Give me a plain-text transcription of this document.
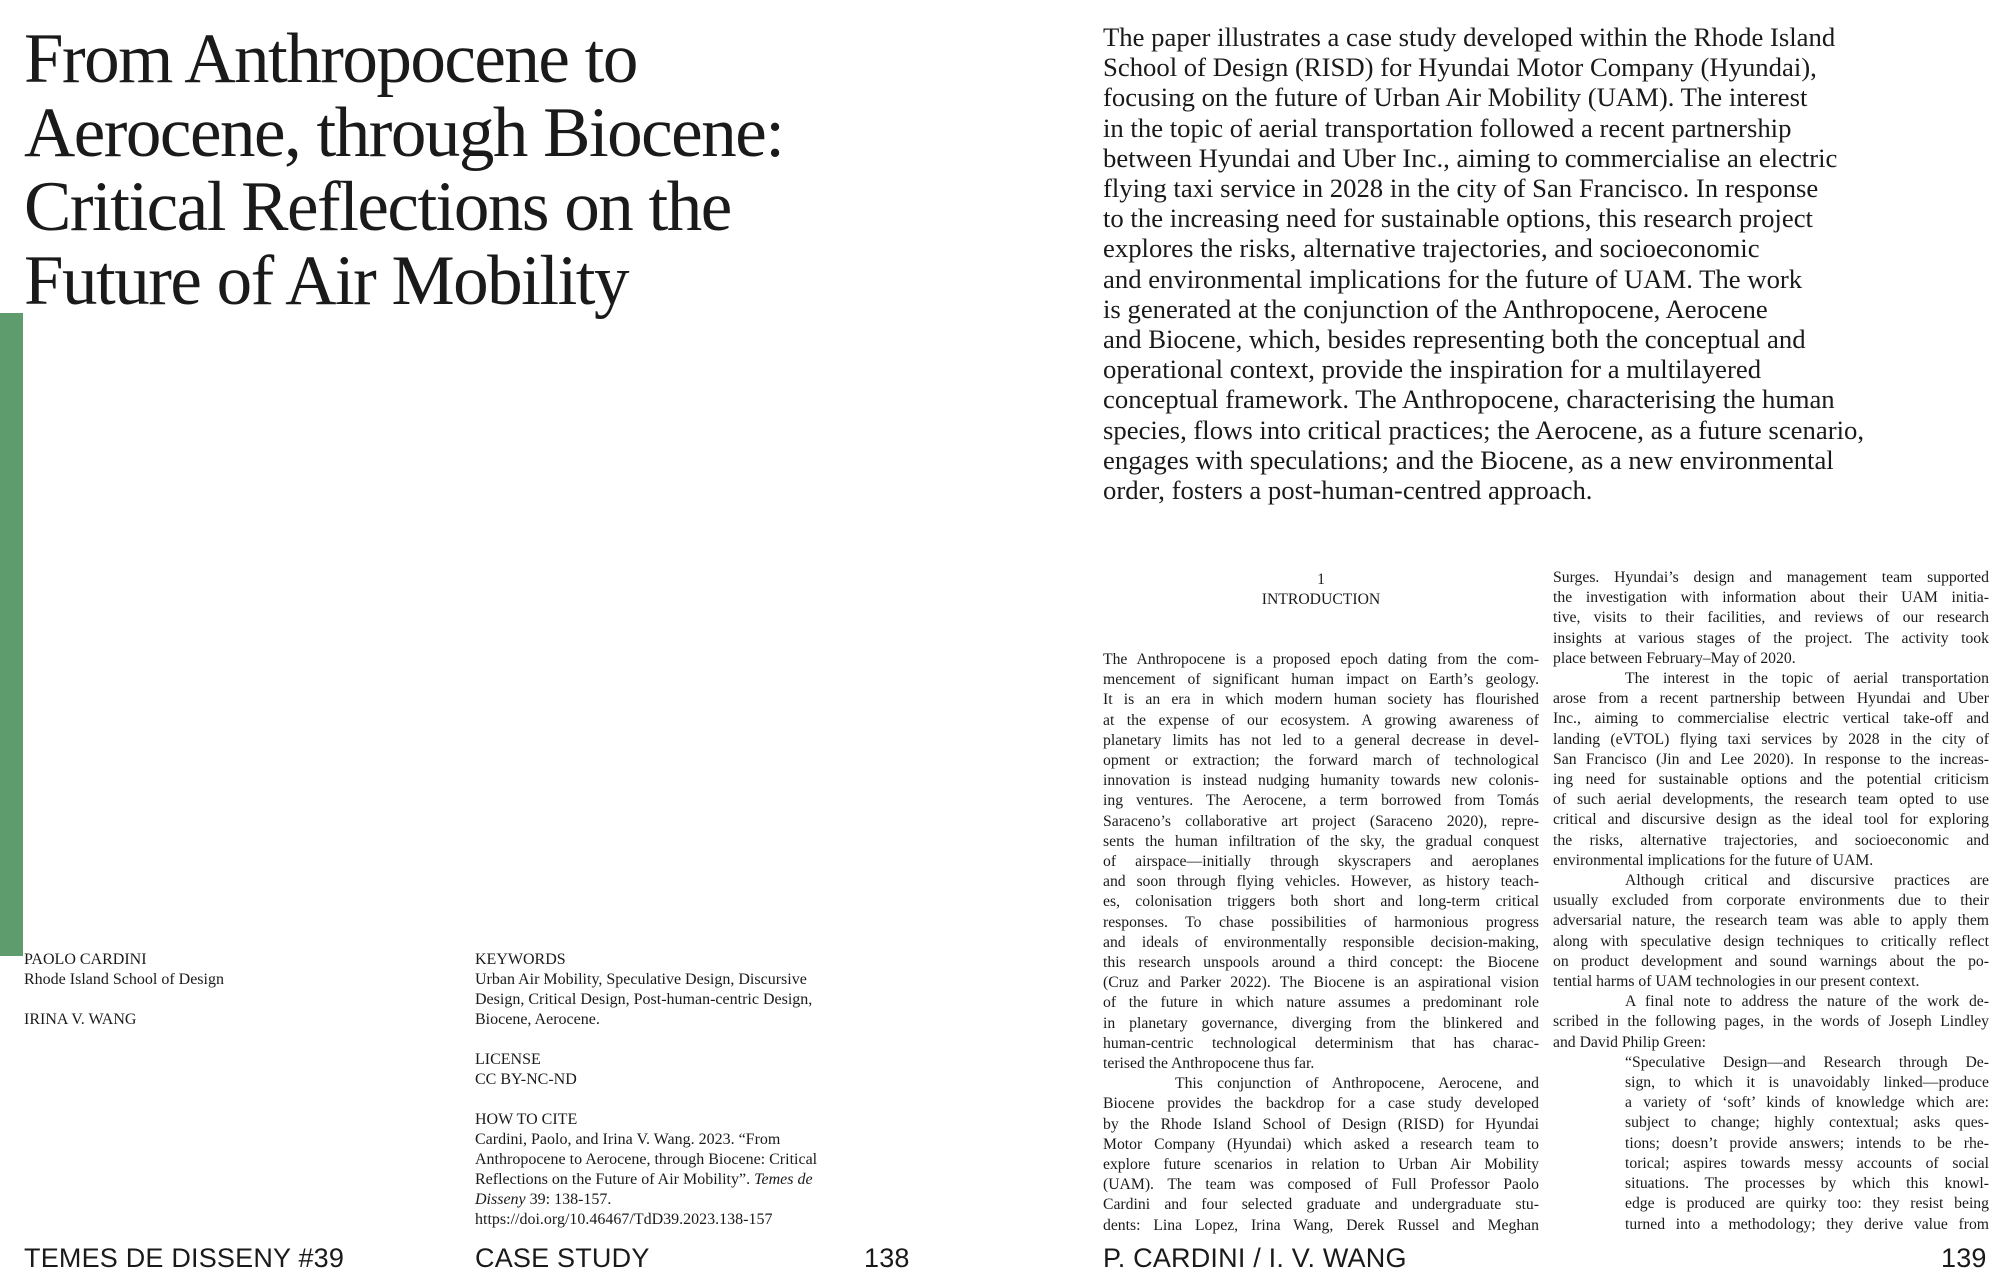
From Anthropocene to
Aerocene, through Biocene:
Critical Reflections on the
Future of Air Mobility

PAOLO CARDINI

Rhode Island School of Design

IRINA V. WANG

KEYWORDS

Urban Air Mobility, Speculative Design, Discursive

Design, Critical Design, Post-human-centric Design,

Biocene, Aerocene.

LICENSE

CC BY-NC-ND

HOW TO CITE

Cardini, Paolo, and Irina V. Wang. 2023. “From

Anthropocene to Aerocene, through Biocene: Critical

Reflections on the Future of Air Mobility”. Temes de

Disseny 39: 138-157.

https://doi.org/10.46467/TdD39.2023.138-157

TEMES DE DISSENY #39	CASE STUDY	138
The paper illustrates a case study developed within the Rhode Island
School of Design (RISD) for Hyundai Motor Company (Hyundai),
focusing on the future of Urban Air Mobility (UAM). The interest
in the topic of aerial transportation followed a recent partnership
between Hyundai and Uber Inc., aiming to commercialise an electric
flying taxi service in 2028 in the city of San Francisco. In response
to the increasing need for sustainable options, this research project
explores the risks, alternative trajectories, and socioeconomic
and environmental implications for the future of UAM. The work
is generated at the conjunction of the Anthropocene, Aerocene
and Biocene, which, besides representing both the conceptual and
operational context, provide the inspiration for a multilayered
conceptual framework. The Anthropocene, characterising the human
species, flows into critical practices; the Aerocene, as a future scenario,
engages with speculations; and the Biocene, as a new environmental
order, fosters a post-human-centred approach.
1
INTRODUCTION
The Anthropocene is a proposed epoch dating from the com-
mencement of significant human impact on Earth’s geology.
It is an era in which modern human society has flourished
at the expense of our ecosystem. A growing awareness of
planetary limits has not led to a general decrease in devel-
opment or extraction; the forward march of technological
innovation is instead nudging humanity towards new colonis-
ing ventures. The Aerocene, a term borrowed from Tomás
Saraceno’s collaborative art project (Saraceno 2020), repre-
sents the human infiltration of the sky, the gradual conquest
of airspace—initially through skyscrapers and aeroplanes
and soon through flying vehicles. However, as history teach-
es, colonisation triggers both short and long-term critical
responses. To chase possibilities of harmonious progress
and ideals of environmentally responsible decision-making,
this research unspools around a third concept: the Biocene
(Cruz and Parker 2022). The Biocene is an aspirational vision
of the future in which nature assumes a predominant role
in planetary governance, diverging from the blinkered and
human-centric technological determinism that has charac-
terised the Anthropocene thus far.
This conjunction of Anthropocene, Aerocene, and
Biocene provides the backdrop for a case study developed
by the Rhode Island School of Design (RISD) for Hyundai
Motor Company (Hyundai) which asked a research team to
explore future scenarios in relation to Urban Air Mobility
(UAM). The team was composed of Full Professor Paolo
Cardini and four selected graduate and undergraduate stu-
dents: Lina Lopez, Irina Wang, Derek Russel and Meghan
Surges. Hyundai’s design and management team supported
the investigation with information about their UAM initia-
tive, visits to their facilities, and reviews of our research
insights at various stages of the project. The activity took
place between February–May of 2020.
The interest in the topic of aerial transportation
arose from a recent partnership between Hyundai and Uber
Inc., aiming to commercialise electric vertical take-off and
landing (eVTOL) flying taxi services by 2028 in the city of
San Francisco (Jin and Lee 2020). In response to the increas-
ing need for sustainable options and the potential criticism
of such aerial developments, the research team opted to use
critical and discursive design as the ideal tool for exploring
the risks, alternative trajectories, and socioeconomic and
environmental implications for the future of UAM.
Although critical and discursive practices are
usually excluded from corporate environments due to their
adversarial nature, the research team was able to apply them
along with speculative design techniques to critically reflect
on product development and sound warnings about the po-
tential harms of UAM technologies in our present context.
A final note to address the nature of the work de-
scribed in the following pages, in the words of Joseph Lindley
and David Philip Green:
“Speculative Design—and Research through De-
sign, to which it is unavoidably linked—produce
a variety of ‘soft’ kinds of knowledge which are:
subject to change; highly contextual; asks ques-
tions; doesn’t provide answers; intends to be rhe-
torical; aspires towards messy accounts of social
situations. The processes by which this knowl-
edge is produced are quirky too: they resist being
turned into a methodology; they derive value from
P. CARDINI / I. V. WANG	139
